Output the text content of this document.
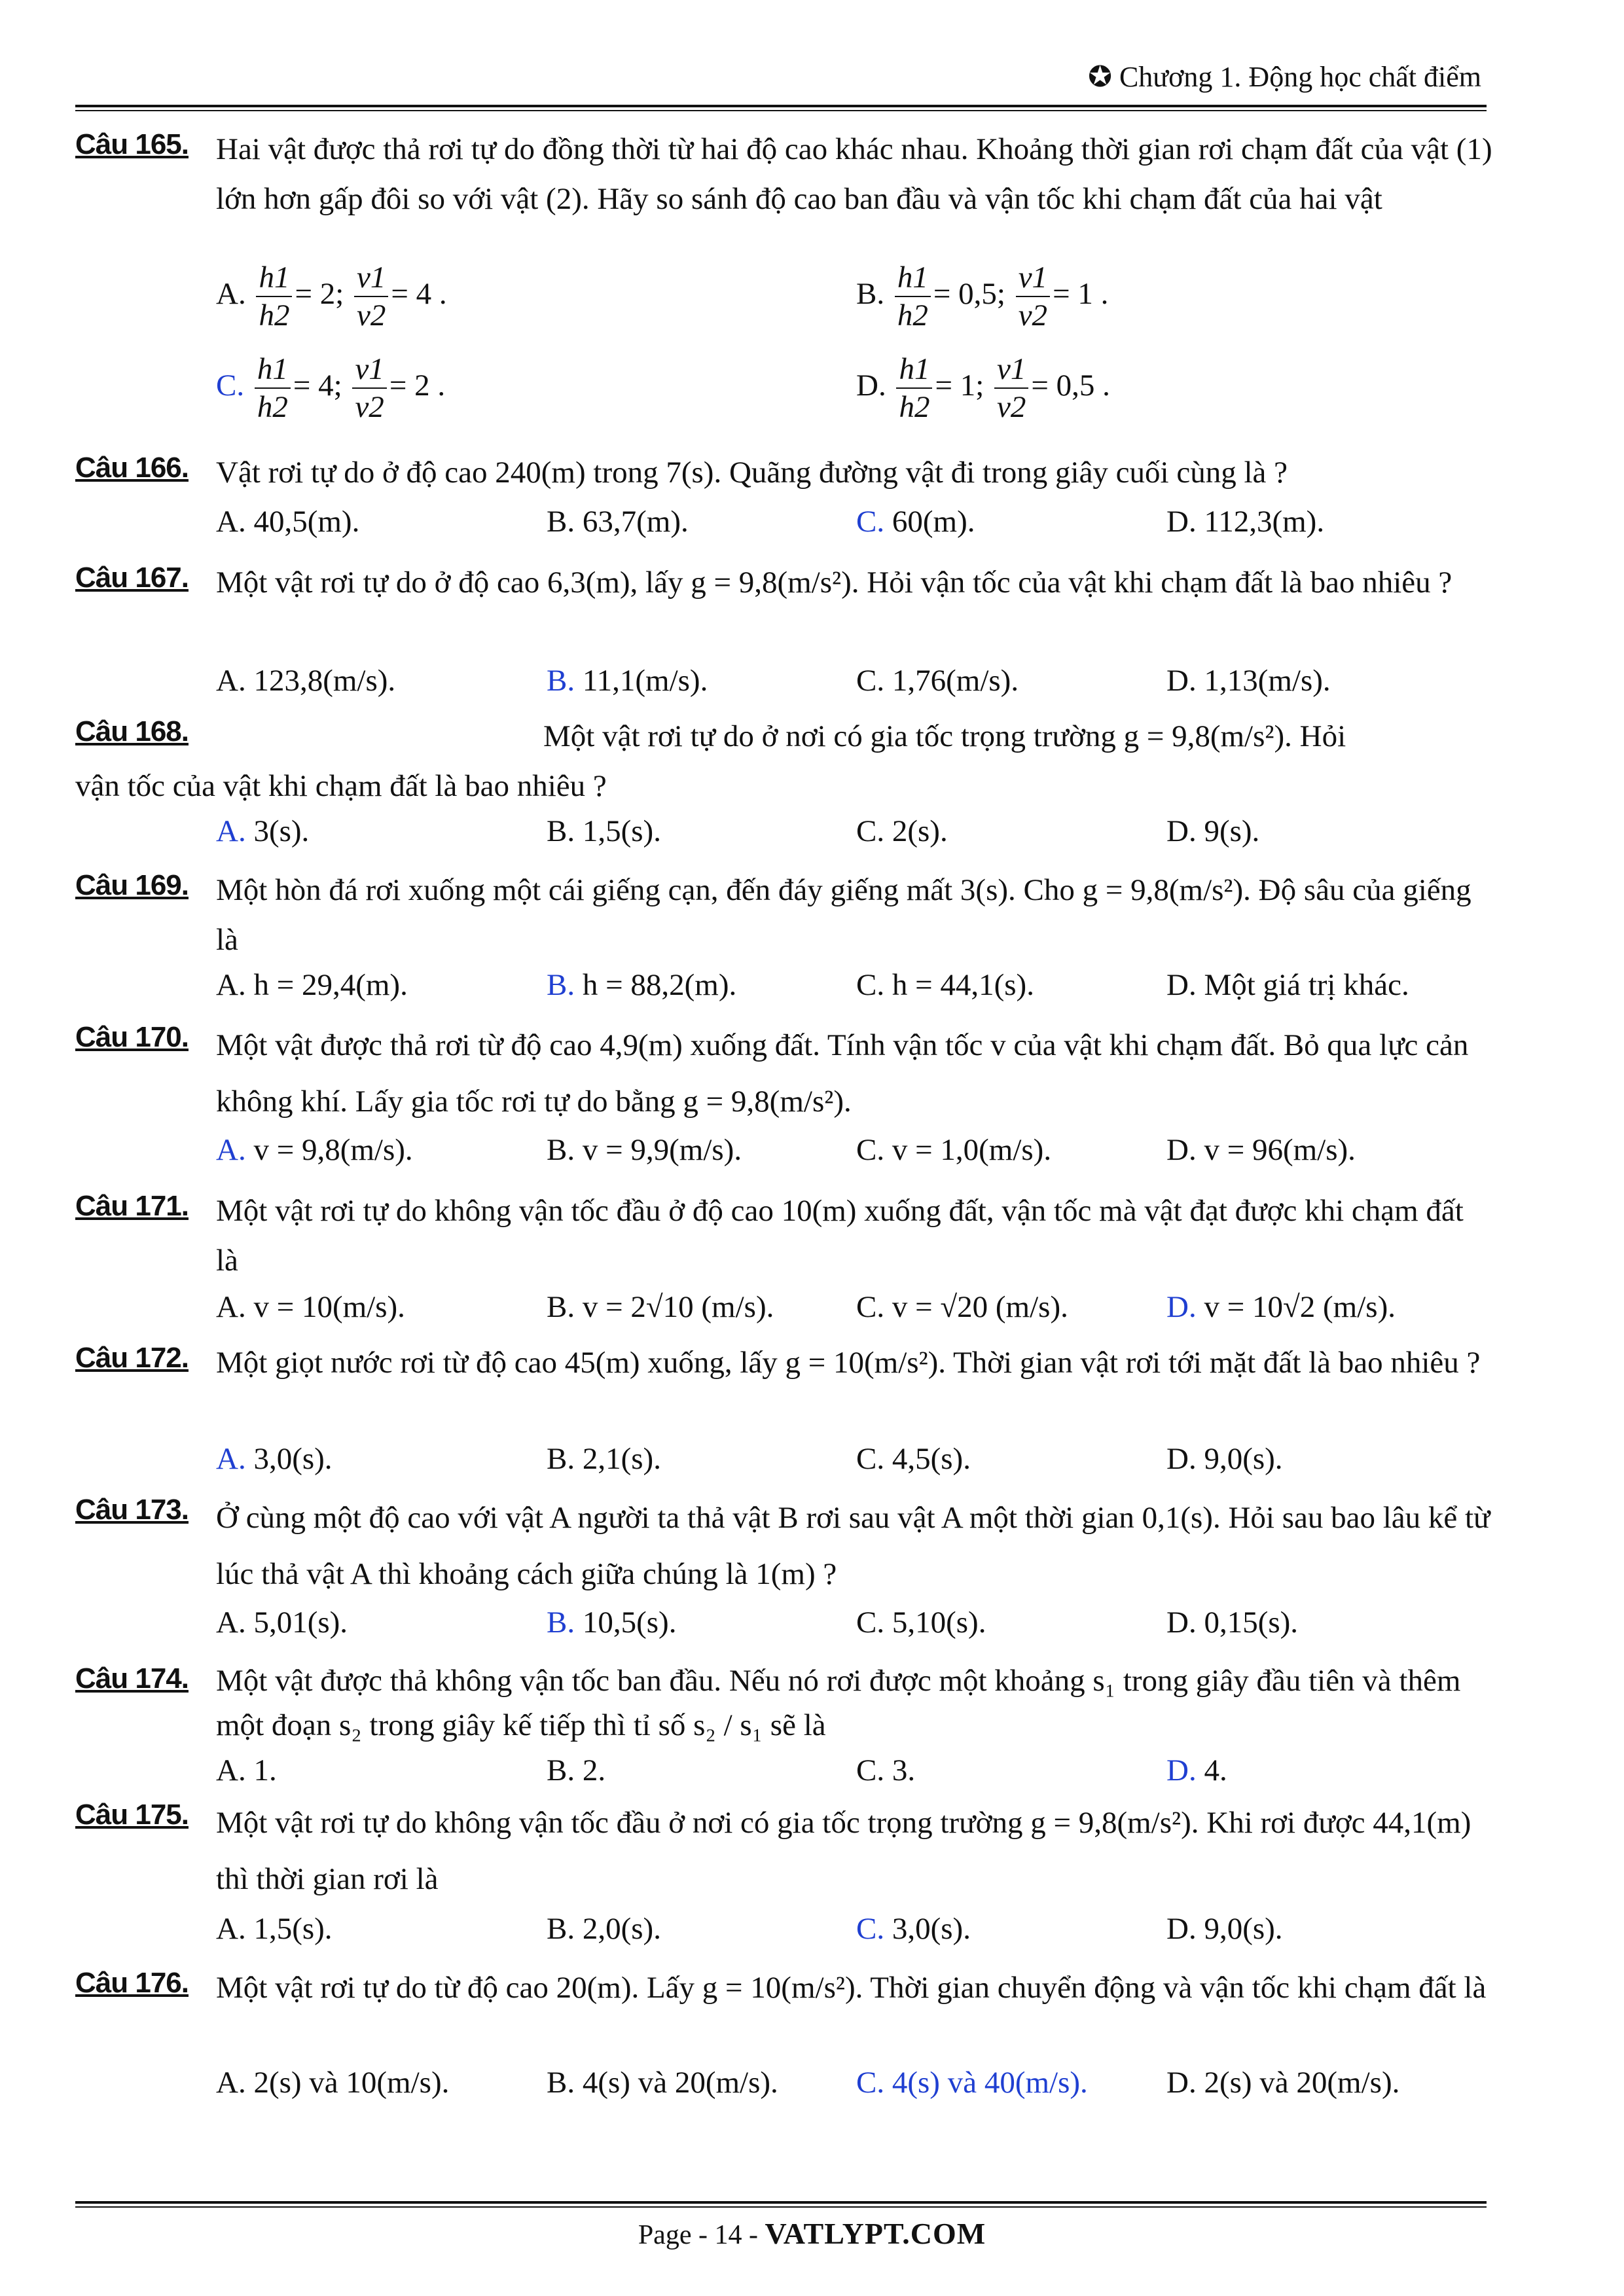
✪ Chương 1. Động học chất điểm
Câu 165. Hai vật được thả rơi tự do đồng thời từ hai độ cao khác nhau. Khoảng thời gian rơi chạm đất của vật (1) lớn hơn gấp đôi so với vật (2). Hãy so sánh độ cao ban đầu và vận tốc khi chạm đất của hai vật
A. $\frac{h1}{h2} = 2$; $\frac{v1}{v2} = 4$ .	B. $\frac{h1}{h2} = 0,5$; $\frac{v1}{v2} = 1$ .
C. $\frac{h1}{h2} = 4$; $\frac{v1}{v2} = 2$ .	D. $\frac{h1}{h2} = 1$; $\frac{v1}{v2} = 0,5$ .
Câu 166. Vật rơi tự do ở độ cao 240(m) trong 7(s). Quãng đường vật đi trong giây cuối cùng là ?
A. 40,5(m).	B. 63,7(m).	C. 60(m).	D. 112,3(m).
Câu 167. Một vật rơi tự do ở độ cao 6,3(m), lấy g = 9,8(m/s²). Hỏi vận tốc của vật khi chạm đất là bao nhiêu ?
A. 123,8(m/s).	B. 11,1(m/s).	C. 1,76(m/s).	D. 1,13(m/s).
Câu 168.	Một vật rơi tự do ở nơi có gia tốc trọng trường g = 9,8(m/s²). Hỏi
vận tốc của vật khi chạm đất là bao nhiêu ?
A. 3(s).	B. 1,5(s).	C. 2(s).	D. 9(s).
Câu 169. Một hòn đá rơi xuống một cái giếng cạn, đến đáy giếng mất 3(s). Cho g = 9,8(m/s²). Độ sâu của giếng là
A. h = 29,4(m).	B. h = 88,2(m).	C. h = 44,1(s).	D. Một giá trị khác.
Câu 170. Một vật được thả rơi từ độ cao 4,9(m) xuống đất. Tính vận tốc v của vật khi chạm đất. Bỏ qua lực cản không khí. Lấy gia tốc rơi tự do bằng g = 9,8(m/s²).
A. v = 9,8(m/s).	B. v = 9,9(m/s).	C. v = 1,0(m/s).	D. v = 96(m/s).
Câu 171. Một vật rơi tự do không vận tốc đầu ở độ cao 10(m) xuống đất, vận tốc mà vật đạt được khi chạm đất là
A. v = 10(m/s).	B. v = 2√10 (m/s).	C. v = √20 (m/s).	D. v = 10√2 (m/s).
Câu 172. Một giọt nước rơi từ độ cao 45(m) xuống, lấy g = 10(m/s²). Thời gian vật rơi tới mặt đất là bao nhiêu ?
A. 3,0(s).	B. 2,1(s).	C. 4,5(s).	D. 9,0(s).
Câu 173. Ở cùng một độ cao với vật A người ta thả vật B rơi sau vật A một thời gian 0,1(s). Hỏi sau bao lâu kể từ lúc thả vật A thì khoảng cách giữa chúng là 1(m) ?
A. 5,01(s).	B. 10,5(s).	C. 5,10(s).	D. 0,15(s).
Câu 174. Một vật được thả không vận tốc ban đầu. Nếu nó rơi được một khoảng s₁ trong giây đầu tiên và thêm một đoạn s₂ trong giây kế tiếp thì tỉ số s₂ / s₁ sẽ là
A. 1.	B. 2.	C. 3.	D. 4.
Câu 175. Một vật rơi tự do không vận tốc đầu ở nơi có gia tốc trọng trường g = 9,8(m/s²). Khi rơi được 44,1(m) thì thời gian rơi là
A. 1,5(s).	B. 2,0(s).	C. 3,0(s).	D. 9,0(s).
Câu 176. Một vật rơi tự do từ độ cao 20(m). Lấy g = 10(m/s²). Thời gian chuyển động và vận tốc khi chạm đất là
A. 2(s) và 10(m/s).	B. 4(s) và 20(m/s).	C. 4(s) và 40(m/s).	D. 2(s) và 20(m/s).
Page - 14 - VATLYPT.COM
